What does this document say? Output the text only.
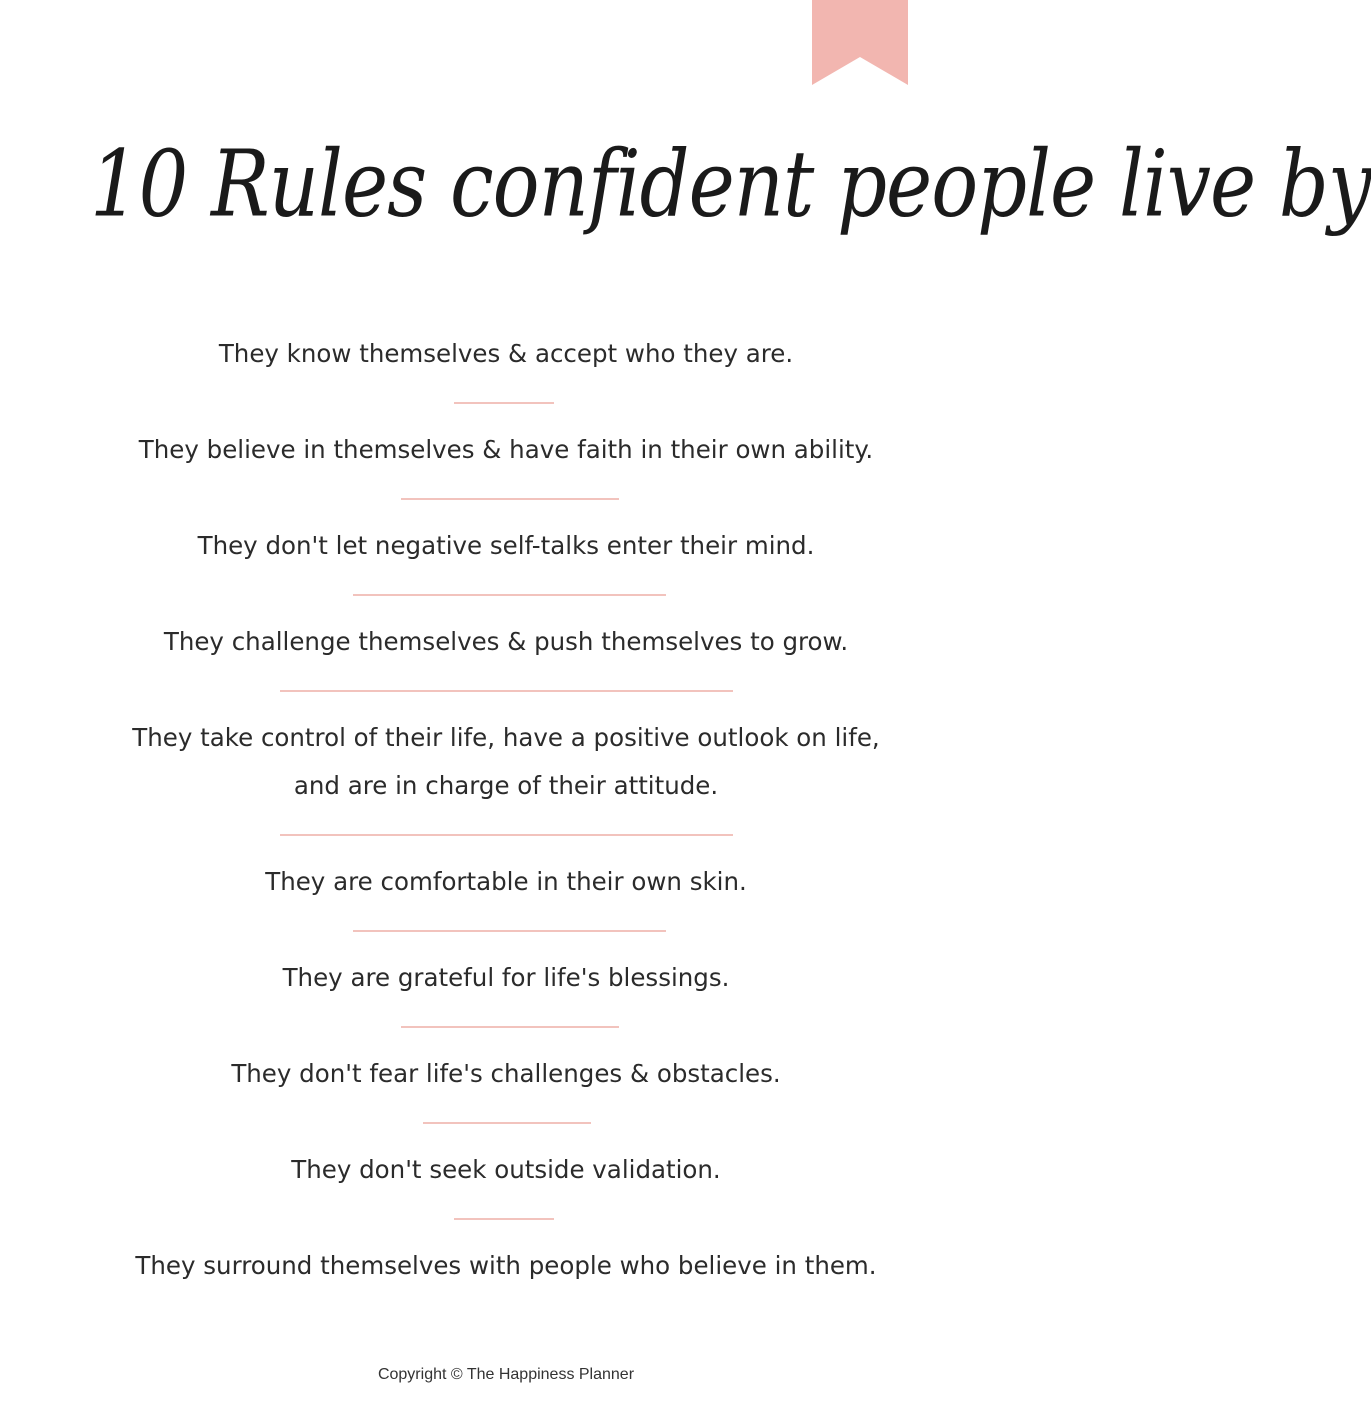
10 Rules confident people live by

They know themselves & accept who they are.

They believe in themselves & have faith in their own ability.

They don't let negative self-talks enter their mind.

They challenge themselves & push themselves to grow.

They take control of their life, have a positive outlook on life,
and are in charge of their attitude.

They are comfortable in their own skin.

They are grateful for life's blessings.

They don't fear life's challenges & obstacles.

They don't seek outside validation.

They surround themselves with people who believe in them.

Copyright © The Happiness Planner
